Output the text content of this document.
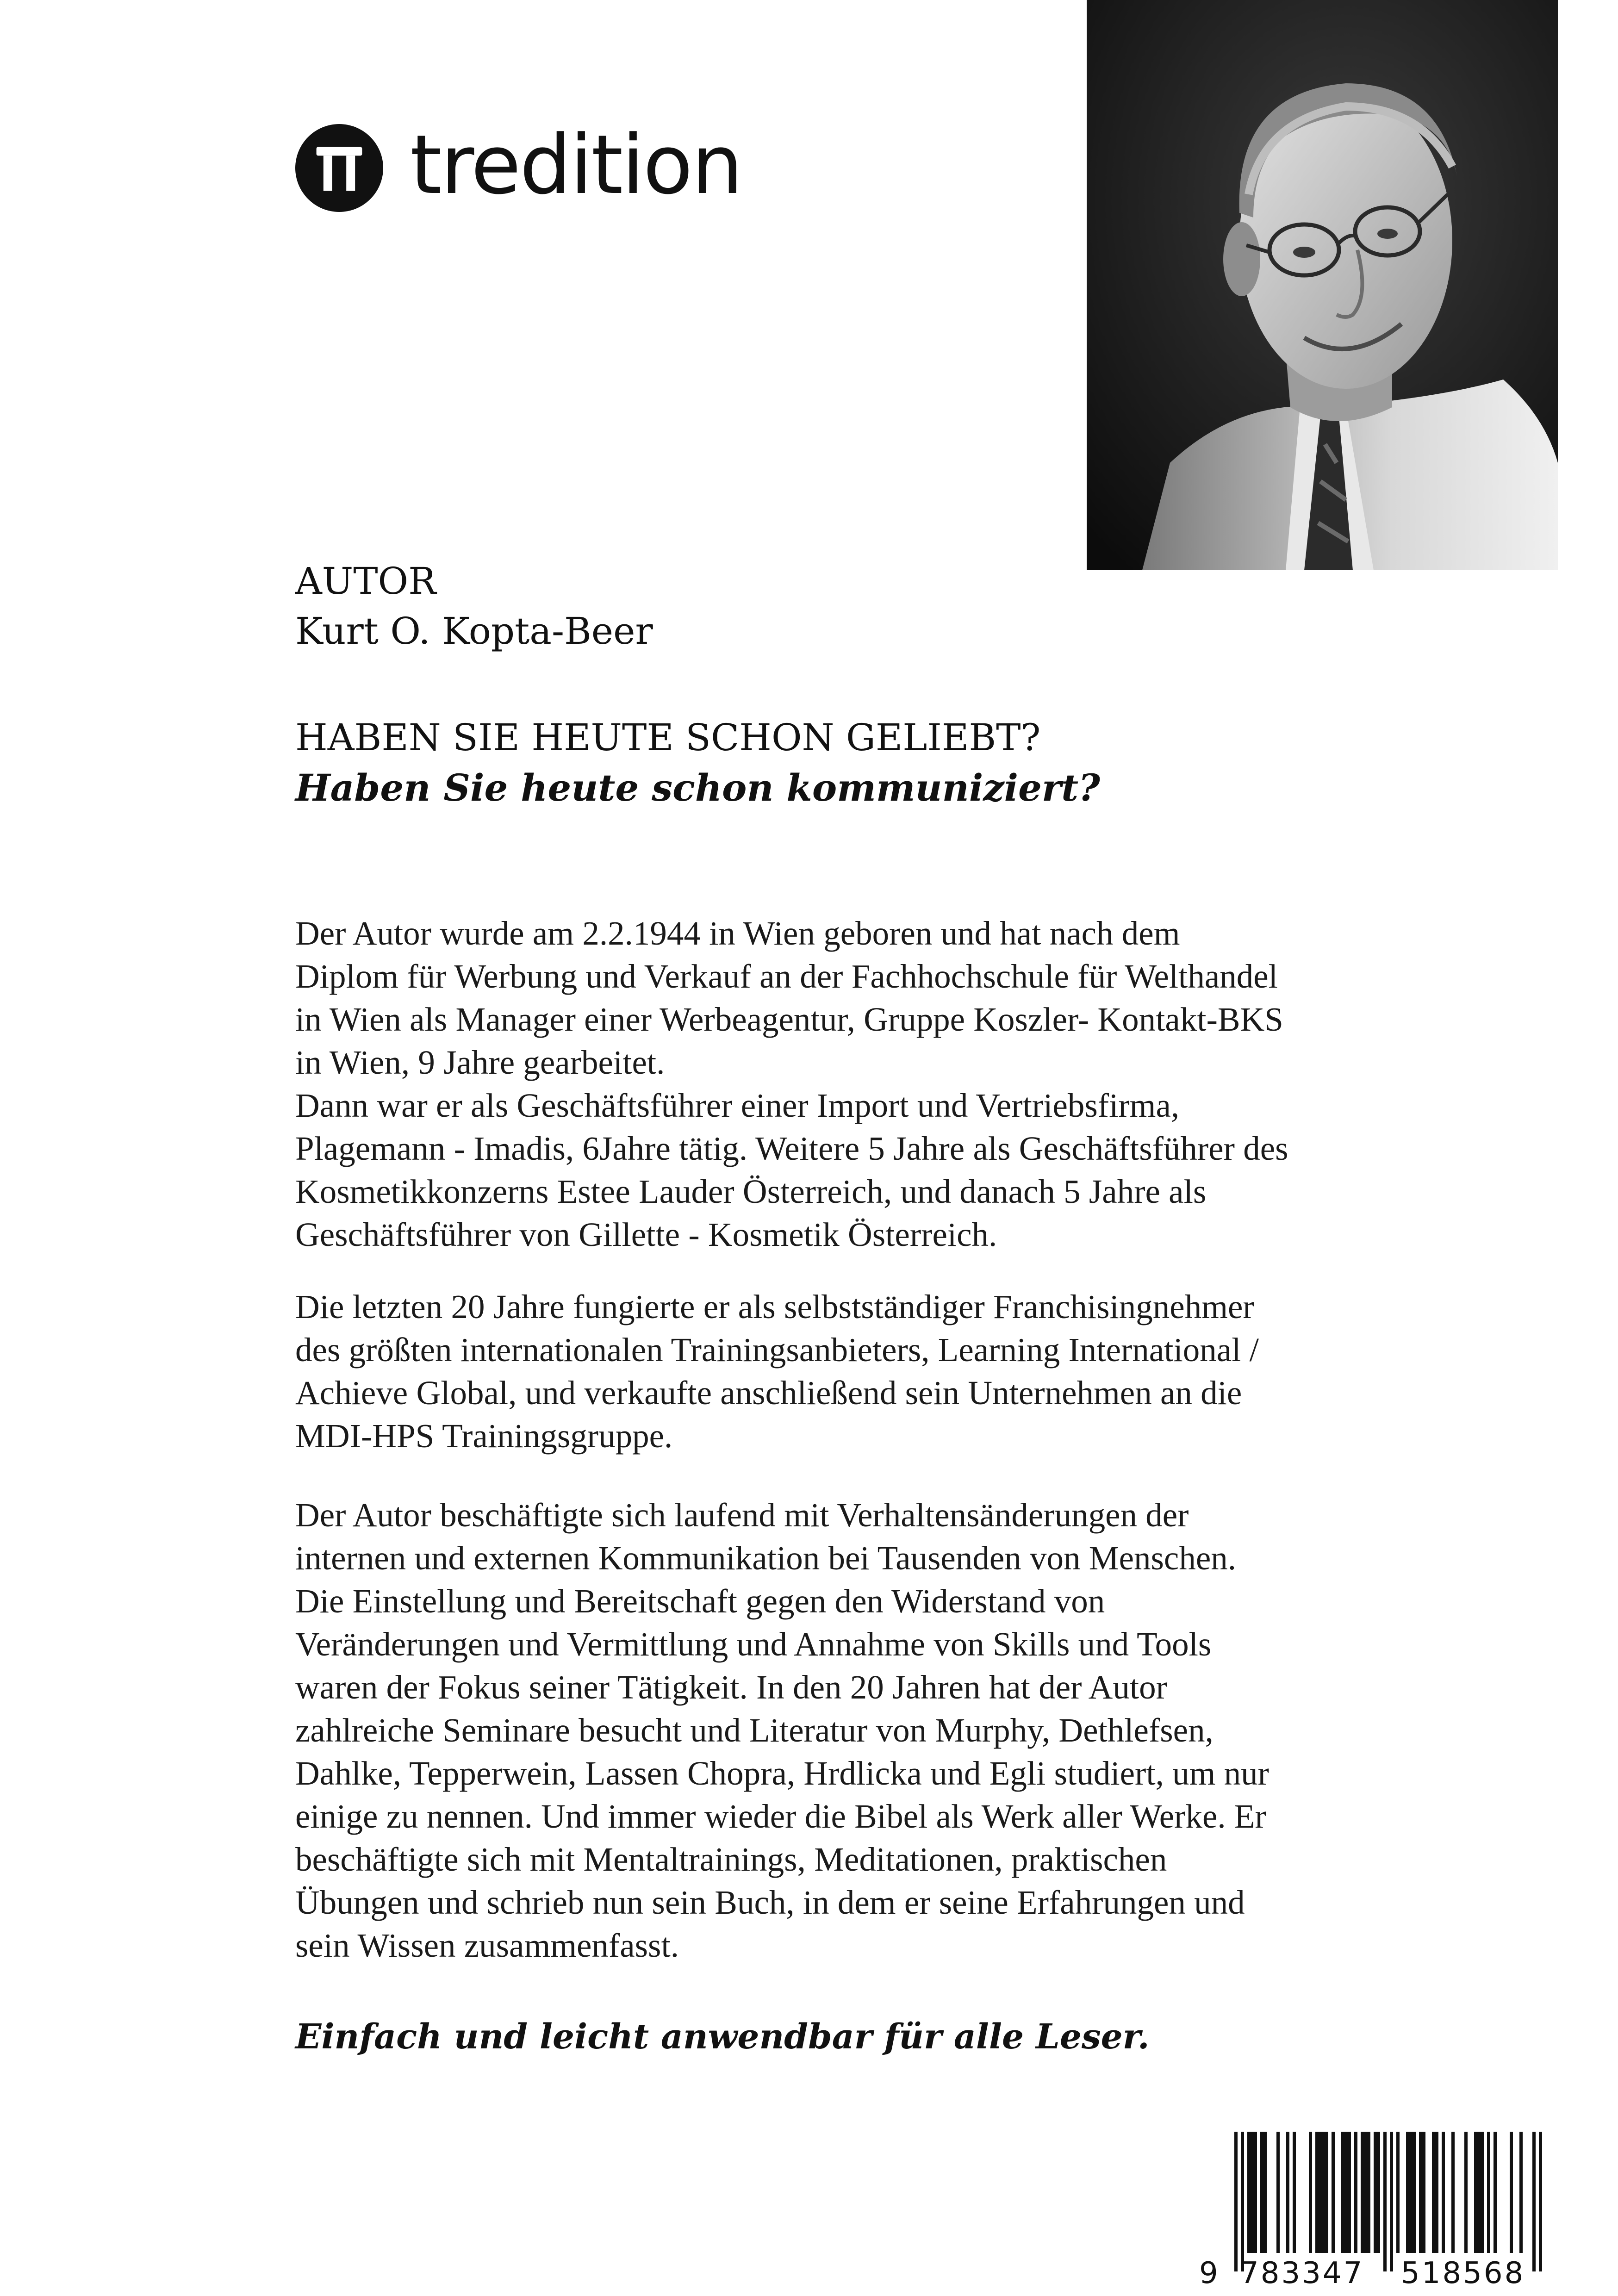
tredition
AUTOR
Kurt O. Kopta-Beer
HABEN SIE HEUTE SCHON GELIEBT?
Haben Sie heute schon kommuniziert?
Der Autor wurde am 2.2.1944 in Wien geboren und hat nach dem
Diplom für Werbung und Verkauf an der Fachhochschule für Welthandel
in Wien als Manager einer Werbeagentur, Gruppe Koszler- Kontakt-BKS
in Wien, 9 Jahre gearbeitet.
Dann war er als Geschäftsführer einer Import und Vertriebsfirma,
Plagemann - Imadis, 6Jahre tätig. Weitere 5 Jahre als Geschäftsführer des
Kosmetikkonzerns Estee Lauder Österreich, und danach 5 Jahre als
Geschäftsführer von Gillette - Kosmetik Österreich.
Die letzten 20 Jahre fungierte er als selbstständiger Franchisingnehmer
des größten internationalen Trainingsanbieters, Learning International /
Achieve Global, und verkaufte anschließend sein Unternehmen an die
MDI-HPS Trainingsgruppe.
Der Autor beschäftigte sich laufend mit Verhaltensänderungen der
internen und externen Kommunikation bei Tausenden von Menschen.
Die Einstellung und Bereitschaft gegen den Widerstand von
Veränderungen und Vermittlung und Annahme von Skills und Tools
waren der Fokus seiner Tätigkeit. In den 20 Jahren hat der Autor
zahlreiche Seminare besucht und Literatur von Murphy, Dethlefsen,
Dahlke, Tepperwein, Lassen Chopra, Hrdlicka und Egli studiert, um nur
einige zu nennen. Und immer wieder die Bibel als Werk aller Werke. Er
beschäftigte sich mit Mentaltrainings, Meditationen, praktischen
Übungen und schrieb nun sein Buch, in dem er seine Erfahrungen und
sein Wissen zusammenfasst.
Einfach und leicht anwendbar für alle Leser.
9 783347 518568
